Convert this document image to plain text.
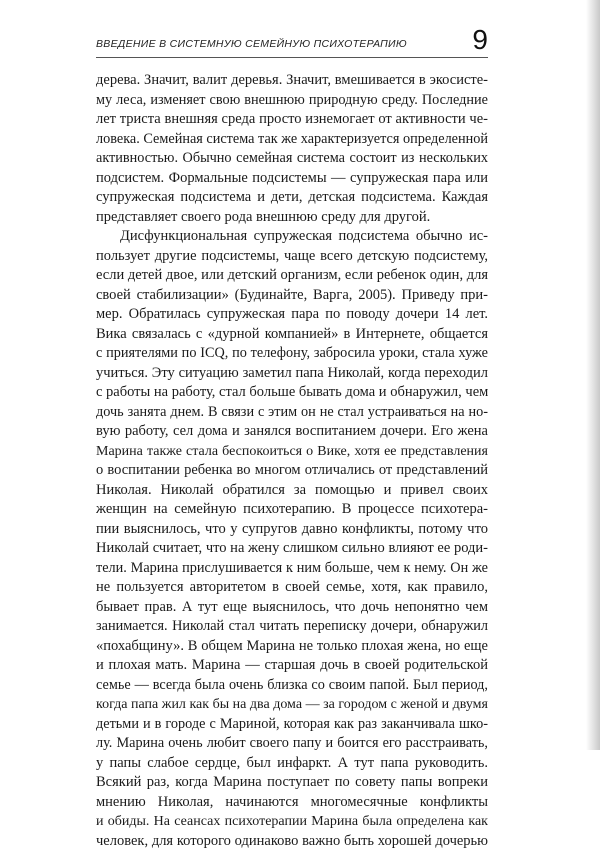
ВВЕДЕНИЕ В СИСТЕМНУЮ СЕМЕЙНУЮ ПСИХОТЕРАПИЮ 9
дерева. Значит, валит деревья. Значит, вмешивается в экосисте-
му леса, изменяет свою внешнюю природную среду. Последние
лет триста внешняя среда просто изнемогает от активности че-
ловека. Семейная система так же характеризуется определенной
активностью. Обычно семейная система состоит из нескольких
подсистем. Формальные подсистемы — супружеская пара или
супружеская подсистема и дети, детская подсистема. Каждая
представляет своего рода внешнюю среду для другой.
Дисфункциональная супружеская подсистема обычно ис-
пользует другие подсистемы, чаще всего детскую подсистему,
если детей двое, или детский организм, если ребенок один, для
своей стабилизации» (Будинайте, Варга, 2005). Приведу при-
мер. Обратилась супружеская пара по поводу дочери 14 лет.
Вика связалась с «дурной компанией» в Интернете, общается
с приятелями по ICQ, по телефону, забросила уроки, стала хуже
учиться. Эту ситуацию заметил папа Николай, когда переходил
с работы на работу, стал больше бывать дома и обнаружил, чем
дочь занята днем. В связи с этим он не стал устраиваться на но-
вую работу, сел дома и занялся воспитанием дочери. Его жена
Марина также стала беспокоиться о Вике, хотя ее представления
о воспитании ребенка во многом отличались от представлений
Николая. Николай обратился за помощью и привел своих
женщин на семейную психотерапию. В процессе психотера-
пии выяснилось, что у супругов давно конфликты, потому что
Николай считает, что на жену слишком сильно влияют ее роди-
тели. Марина прислушивается к ним больше, чем к нему. Он же
не пользуется авторитетом в своей семье, хотя, как правило,
бывает прав. А тут еще выяснилось, что дочь непонятно чем
занимается. Николай стал читать переписку дочери, обнаружил
«похабщину». В общем Марина не только плохая жена, но еще
и плохая мать. Марина — старшая дочь в своей родительской
семье — всегда была очень близка со своим папой. Был период,
когда папа жил как бы на два дома — за городом с женой и двумя
детьми и в городе с Мариной, которая как раз заканчивала шко-
лу. Марина очень любит своего папу и боится его расстраивать,
у папы слабое сердце, был инфаркт. А тут папа руководить.
Всякий раз, когда Марина поступает по совету папы вопреки
мнению Николая, начинаются многомесячные конфликты
и обиды. На сеансах психотерапии Марина была определена как
человек, для которого одинаково важно быть хорошей дочерью
